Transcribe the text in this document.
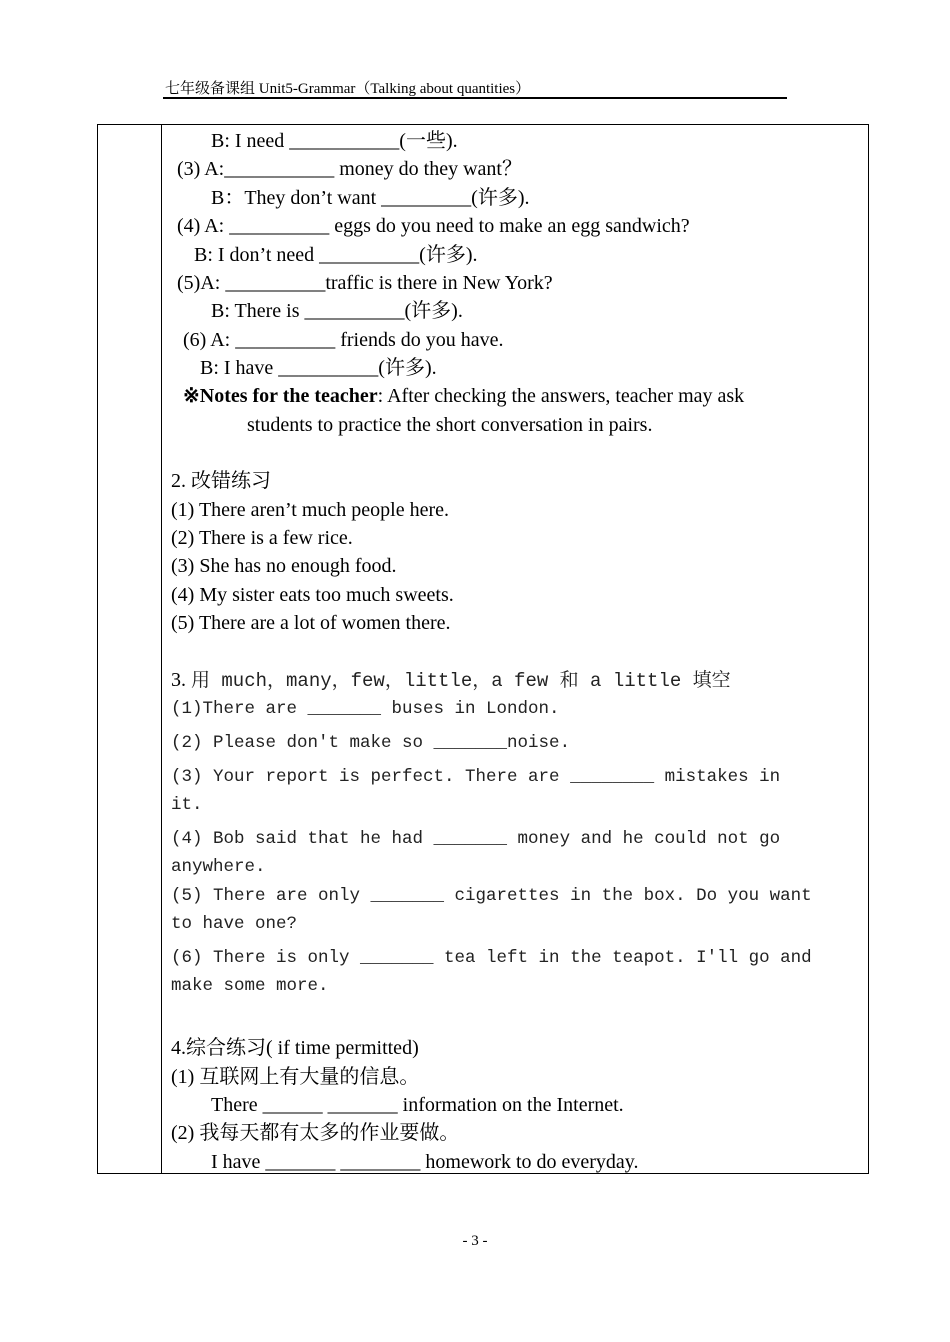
七年级备课组 Unit5-Grammar（Talking about quantities）
B: I need ___________(一些).
(3) A:___________ money do they want？
B：They don’t want _________(许多).
(4) A: __________ eggs do you need to make an egg sandwich?
B: I don’t need __________(许多).
(5)A: __________traffic is there in New York?
B: There is __________(许多).
(6) A: __________ friends do you have.
B: I have __________(许多).
※Notes for the teacher: After checking the answers, teacher may ask
students to practice the short conversation in pairs.
2. 改错练习
(1) There aren’t much people here.
(2) There is a few rice.
(3) She has no enough food.
(4) My sister eats too much sweets.
(5) There are a lot of women there.
3. 用 much，many，few，little，a few 和 a little 填空
(1)There are _______ buses in London.
(2) Please don't make so _______noise.
(3) Your report is perfect. There are ________ mistakes in
it.
(4) Bob said that he had _______ money and he could not go
anywhere.
(5) There are only _______ cigarettes in the box. Do you want
to have one?
(6) There is only _______ tea left in the teapot. I'll go and
make some more.
4.综合练习( if time permitted)
(1) 互联网上有大量的信息。
There ______ _______ information on the Internet.
(2) 我每天都有太多的作业要做。
I have _______ ________ homework to do everyday.
- 3 -
